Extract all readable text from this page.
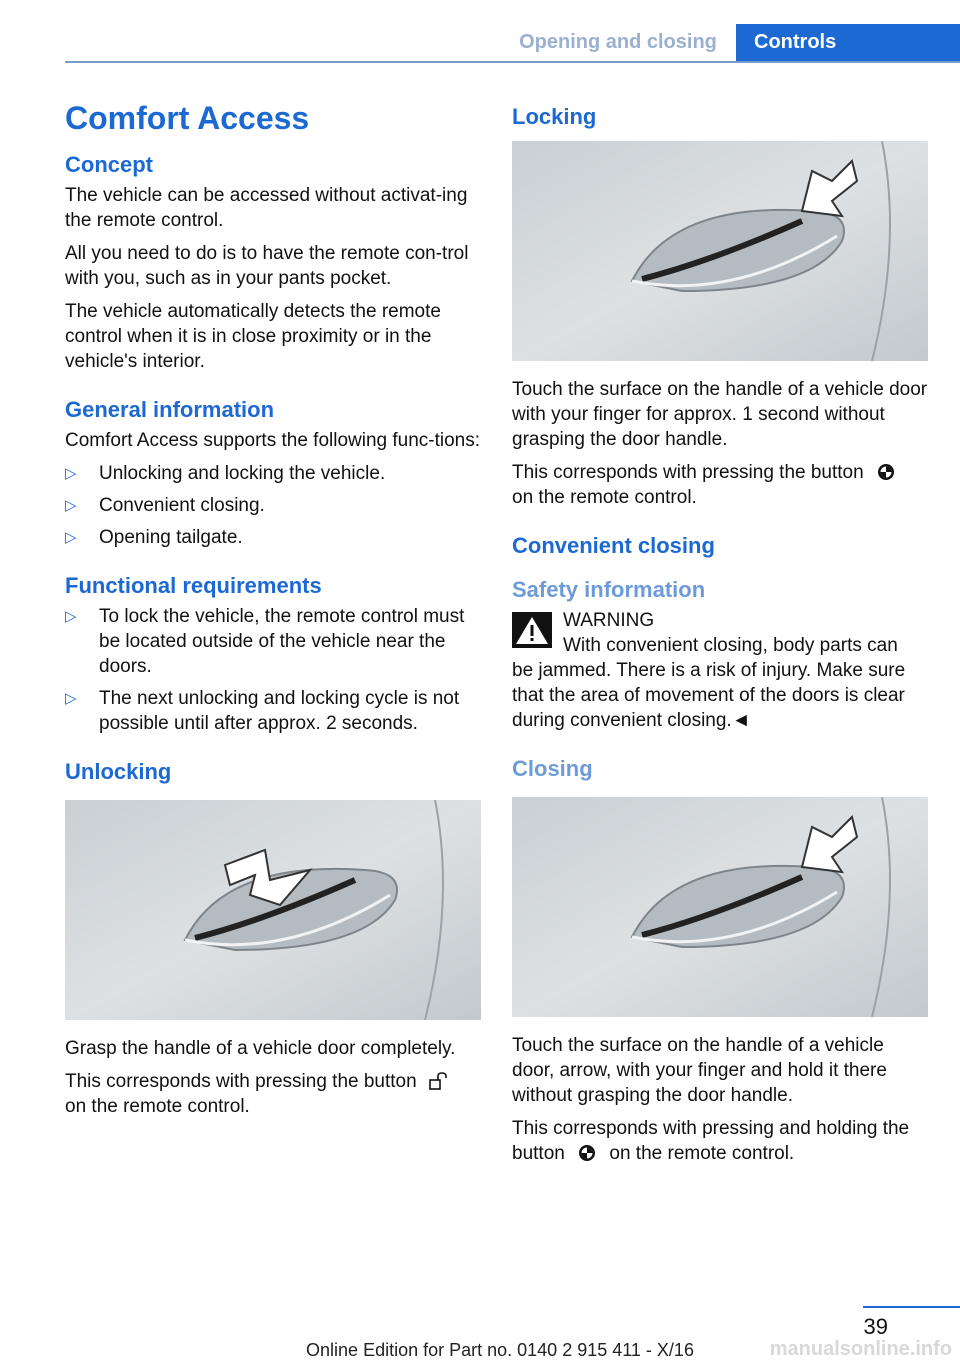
Opening and closing	Controls
Comfort Access
Concept

The vehicle can be accessed without activat‐ing the remote control.

All you need to do is to have the remote con‐trol with you, such as in your pants pocket.

The vehicle automatically detects the remote control when it is in close proximity or in the vehicle's interior.

General information

Comfort Access supports the following func‐tions:

▷ Unlocking and locking the vehicle.
▷ Convenient closing.
▷ Opening tailgate.
Functional requirements
▷ To lock the vehicle, the remote control must be located outside of the vehicle near the doors.
▷ The next unlocking and locking cycle is not possible until after approx. 2 seconds.
Unlocking

Grasp the handle of a vehicle door completely.

This corresponds with pressing the button
on the remote control.

Locking

Touch the surface on the handle of a vehicle door with your finger for approx. 1 second without grasping the door handle.

This corresponds with pressing the button
on the remote control.

Convenient closing
Safety information
WARNING
With convenient closing, body parts can

be jammed. There is a risk of injury. Make sure that the area of movement of the doors is clear during convenient closing.◄

Closing

Touch the surface on the handle of a vehicle door, arrow, with your finger and hold it there without grasping the door handle.

This corresponds with pressing and holding the button on the remote control.

39
Online Edition for Part no. 0140 2 915 411 - X/16	manualsonline.info
